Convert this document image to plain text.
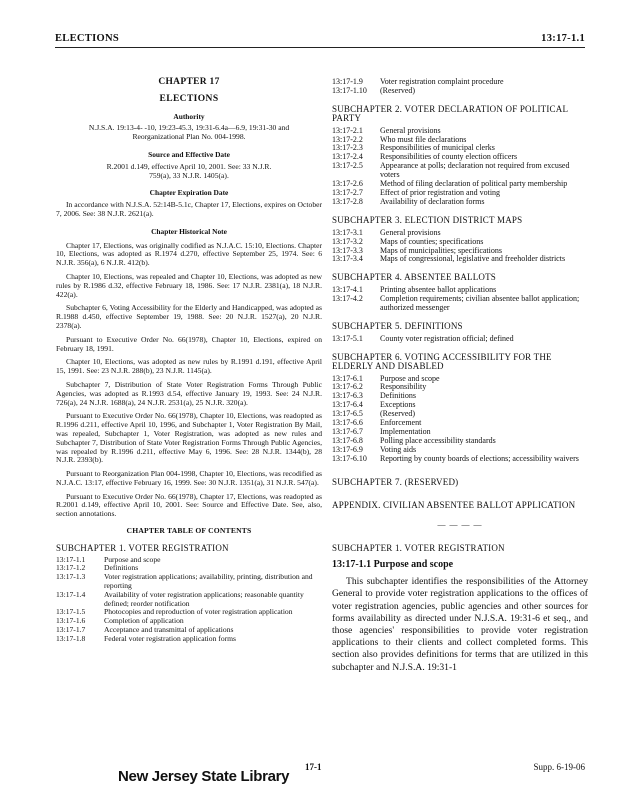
ELECTIONS	13:17-1.1
CHAPTER 17
ELECTIONS
Authority
N.J.S.A. 19:13-4- -10, 19:23-45.3, 19:31-6.4a—6.9, 19:31-30 and Reorganizational Plan No. 004-1998.
Source and Effective Date
R.2001 d.149, effective April 10, 2001. See: 33 N.J.R. 759(a), 33 N.J.R. 1405(a).
Chapter Expiration Date
In accordance with N.J.S.A. 52:14B-5.1c, Chapter 17, Elections, expires on October 7, 2006. See: 38 N.J.R. 2621(a).
Chapter Historical Note
Chapter 17, Elections, was originally codified as N.J.A.C. 15:10, Elections. Chapter 10, Elections, was adopted as R.1974 d.270, effective September 25, 1974. See: 6 N.J.R. 356(a), 6 N.J.R. 412(b).
Chapter 10, Elections, was repealed and Chapter 10, Elections, was adopted as new rules by R.1986 d.32, effective February 18, 1986. See: 17 N.J.R. 2381(a), 18 N.J.R. 422(a).
Subchapter 6, Voting Accessibility for the Elderly and Handicapped, was adopted as R.1988 d.450, effective September 19, 1988. See: 20 N.J.R. 1527(a), 20 N.J.R. 2378(a).
Pursuant to Executive Order No. 66(1978), Chapter 10, Elections, expired on February 18, 1991.
Chapter 10, Elections, was adopted as new rules by R.1991 d.191, effective April 15, 1991. See: 23 N.J.R. 288(b), 23 N.J.R. 1145(a).
Subchapter 7, Distribution of State Voter Registration Forms Through Public Agencies, was adopted as R.1993 d.54, effective January 19, 1993. See: 24 N.J.R. 726(a), 24 N.J.R. 1688(a), 24 N.J.R. 2531(a), 25 N.J.R. 320(a).
Pursuant to Executive Order No. 66(1978), Chapter 10, Elections, was readopted as R.1996 d.211, effective April 10, 1996, and Subchapter 1, Voter Registration By Mail, was repealed, Subchapter 1, Voter Registration, was adopted as new rules and Subchapter 7, Distribution of State Voter Registration Forms Through Public Agencies, was repealed by R.1996 d.211, effective May 6, 1996. See: 28 N.J.R. 1344(b), 28 N.J.R. 2393(b).
Pursuant to Reorganization Plan 004-1998, Chapter 10, Elections, was recodified as N.J.A.C. 13:17, effective February 16, 1999. See: 30 N.J.R. 1351(a), 31 N.J.R. 547(a).
Pursuant to Executive Order No. 66(1978), Chapter 17, Elections, was readopted as R.2001 d.149, effective April 10, 2001. See: Source and Effective Date. See, also, section annotations.
CHAPTER TABLE OF CONTENTS
SUBCHAPTER 1. VOTER REGISTRATION
13:17-1.1	Purpose and scope
13:17-1.2	Definitions
13:17-1.3	Voter registration applications; availability, printing, distribution and reporting
13:17-1.4	Availability of voter registration applications; reasonable quantity defined; reorder notification
13:17-1.5	Photocopies and reproduction of voter registration application
13:17-1.6	Completion of application
13:17-1.7	Acceptance and transmittal of applications
13:17-1.8	Federal voter registration application forms
13:17-1.9	Voter registration complaint procedure
13:17-1.10	(Reserved)
SUBCHAPTER 2. VOTER DECLARATION OF POLITICAL PARTY
13:17-2.1	General provisions
13:17-2.2	Who must file declarations
13:17-2.3	Responsibilities of municipal clerks
13:17-2.4	Responsibilities of county election officers
13:17-2.5	Appearance at polls; declaration not required from excused voters
13:17-2.6	Method of filing declaration of political party membership
13:17-2.7	Effect of prior registration and voting
13:17-2.8	Availability of declaration forms
SUBCHAPTER 3. ELECTION DISTRICT MAPS
13:17-3.1	General provisions
13:17-3.2	Maps of counties; specifications
13:17-3.3	Maps of municipalities; specifications
13:17-3.4	Maps of congressional, legislative and freeholder districts
SUBCHAPTER 4. ABSENTEE BALLOTS
13:17-4.1	Printing absentee ballot applications
13:17-4.2	Completion requirements; civilian absentee ballot application; authorized messenger
SUBCHAPTER 5. DEFINITIONS
13:17-5.1	County voter registration official; defined
SUBCHAPTER 6. VOTING ACCESSIBILITY FOR THE ELDERLY AND DISABLED
13:17-6.1	Purpose and scope
13:17-6.2	Responsibility
13:17-6.3	Definitions
13:17-6.4	Exceptions
13:17-6.5	(Reserved)
13:17-6.6	Enforcement
13:17-6.7	Implementation
13:17-6.8	Polling place accessibility standards
13:17-6.9	Voting aids
13:17-6.10	Reporting by county boards of elections; accessibility waivers
SUBCHAPTER 7. (RESERVED)
APPENDIX. CIVILIAN ABSENTEE BALLOT APPLICATION
— — — —
SUBCHAPTER 1. VOTER REGISTRATION
13:17-1.1 Purpose and scope
This subchapter identifies the responsibilities of the Attorney General to provide voter registration applications to the offices of voter registration agencies, public agencies and other sources for forms availability as directed under N.J.S.A. 19:31-6 et seq., and those agencies' responsibilities to provide voter registration applications to their clients and collect completed forms. This section also provides definitions for terms that are utilized in this subchapter and N.J.S.A. 19:31-1
17-1	Supp. 6-19-06
New Jersey State Library
